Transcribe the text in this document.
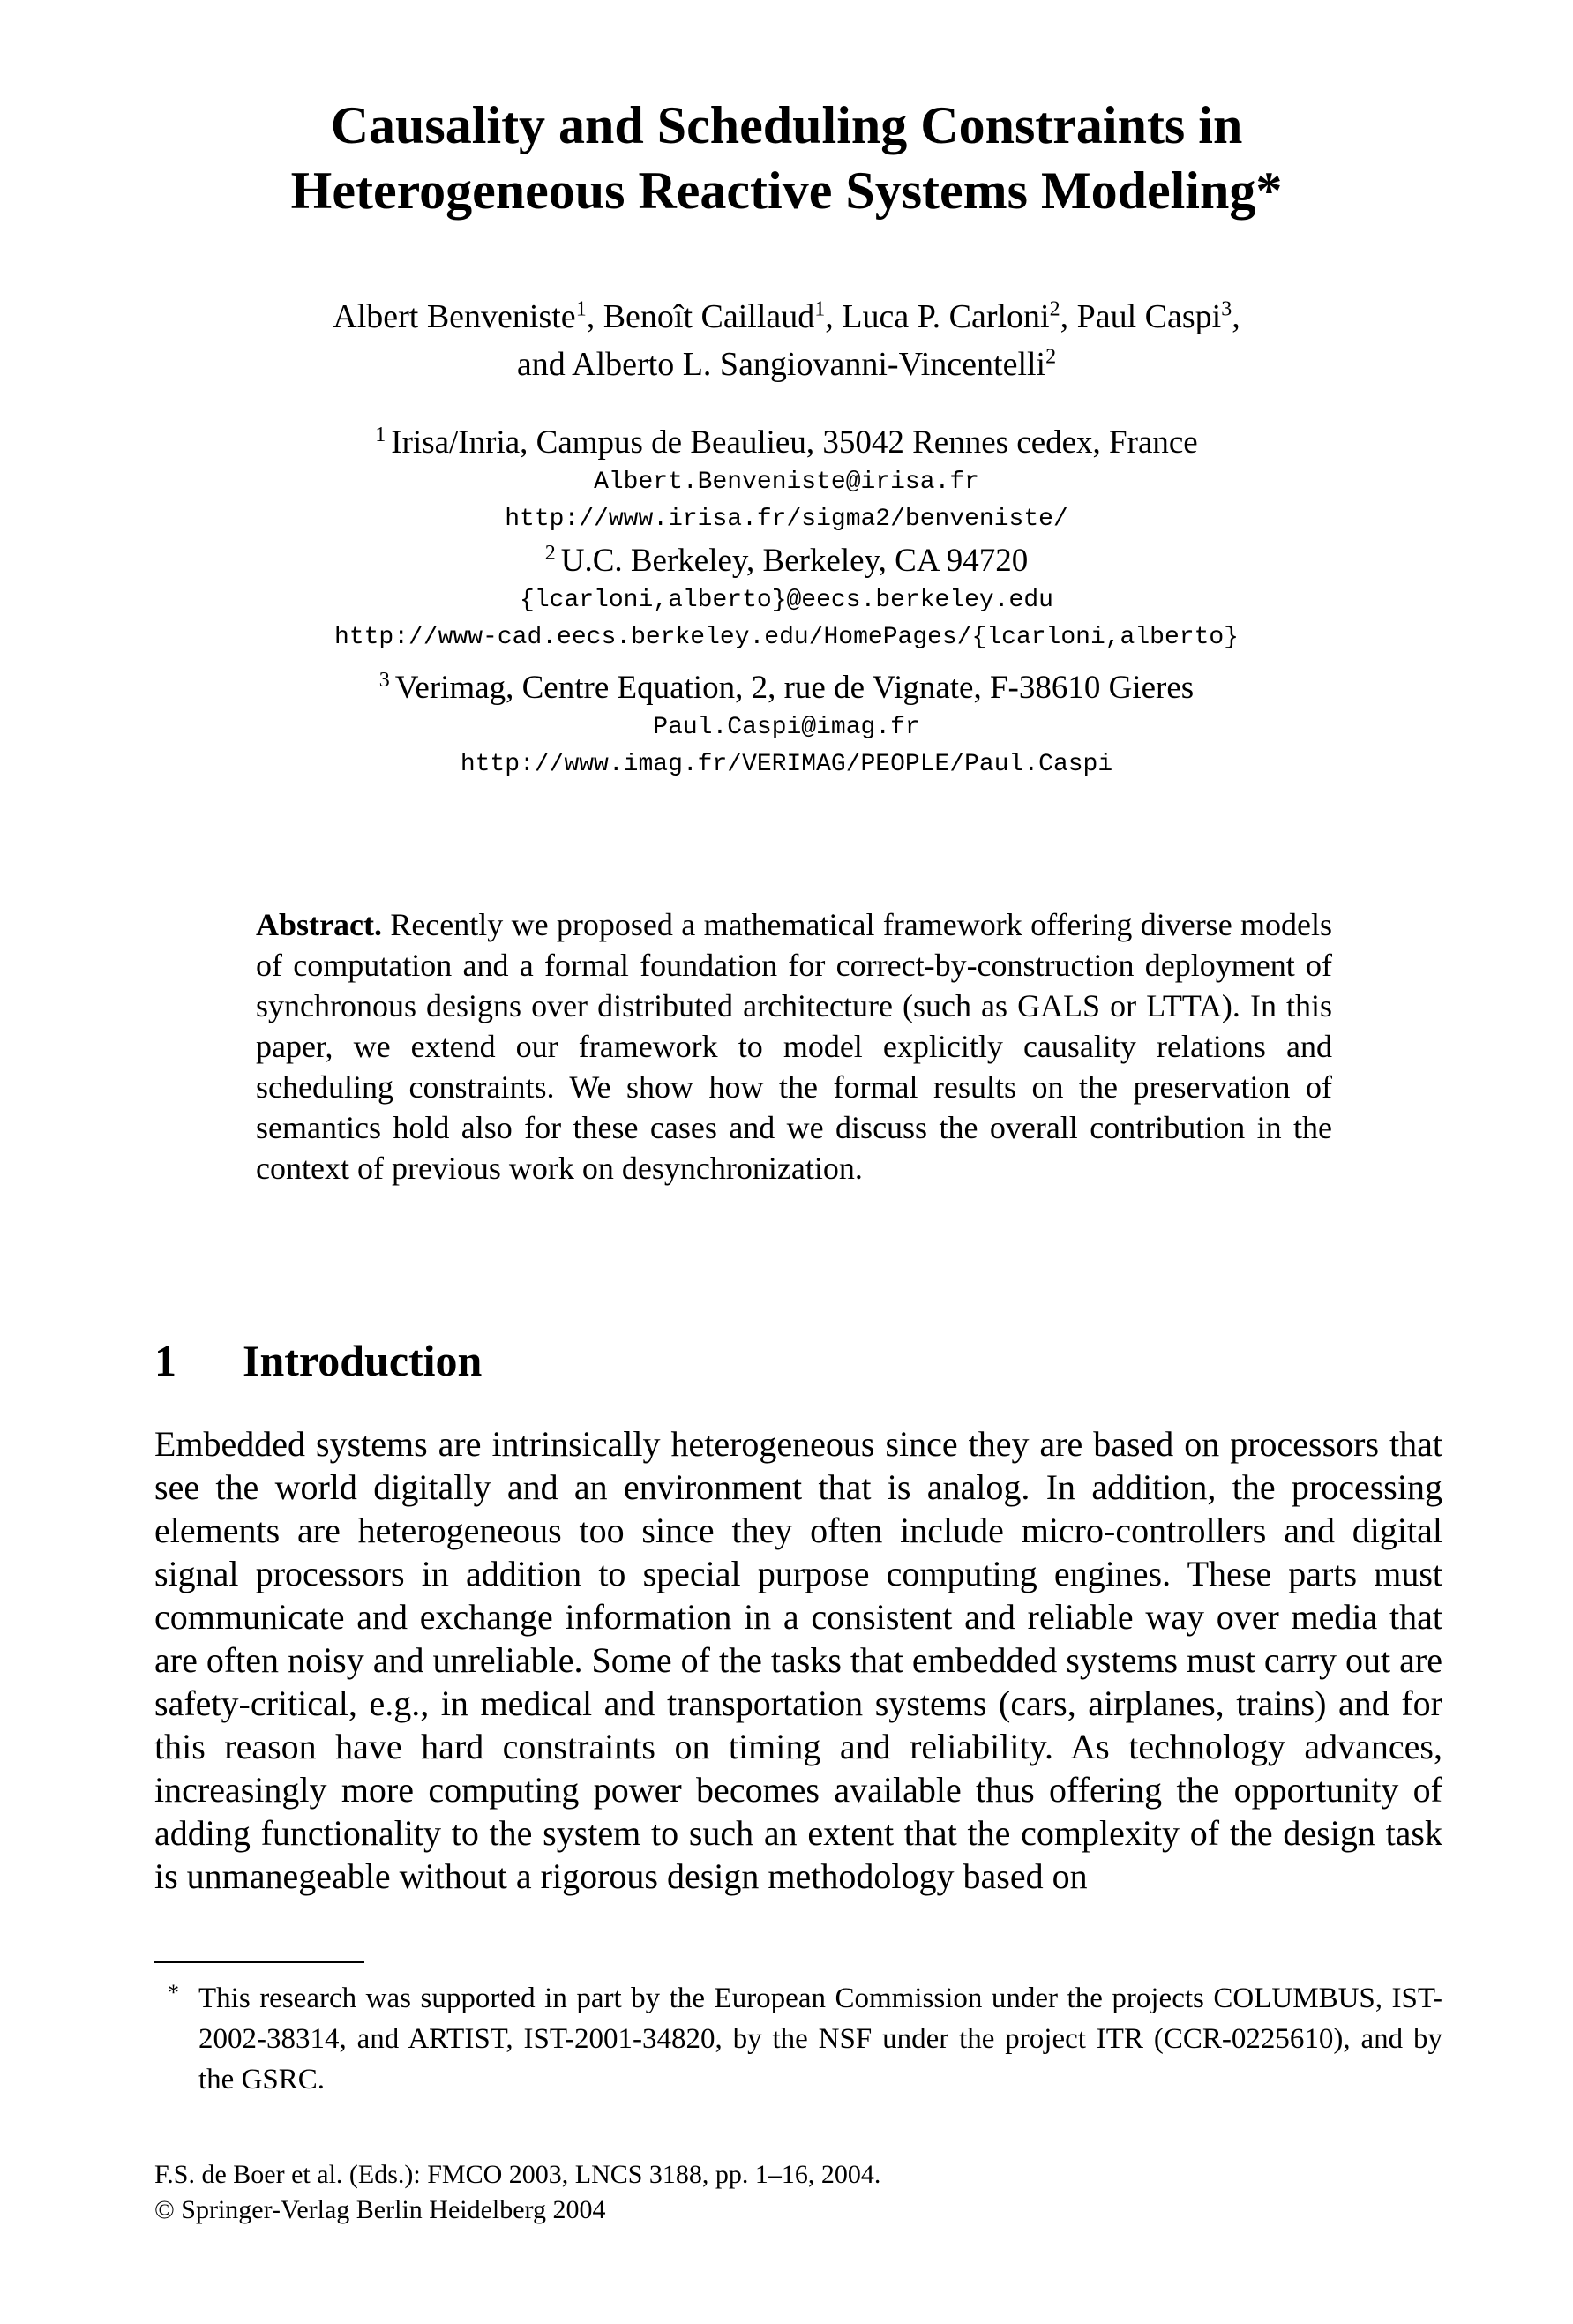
Causality and Scheduling Constraints in
Heterogeneous Reactive Systems Modeling*
Albert Benveniste$^1$, Benoît Caillaud$^1$, Luca P. Carloni$^2$, Paul Caspi$^3$,
and Alberto L. Sangiovanni-Vincentelli$^2$
$^1$ Irisa/Inria, Campus de Beaulieu, 35042 Rennes cedex, France
Albert.Benveniste@irisa.fr
http://www.irisa.fr/sigma2/benveniste/
$^2$ U.C. Berkeley, Berkeley, CA 94720
{lcarloni,alberto}@eecs.berkeley.edu
http://www-cad.eecs.berkeley.edu/HomePages/{lcarloni,alberto}
$^3$ Verimag, Centre Equation, 2, rue de Vignate, F-38610 Gieres
Paul.Caspi@imag.fr
http://www.imag.fr/VERIMAG/PEOPLE/Paul.Caspi

Abstract. Recently we proposed a mathematical framework offering diverse models of computation and a formal foundation for correct-by-construction deployment of synchronous designs over distributed architecture (such as GALS or LTTA). In this paper, we extend our framework to model explicitly causality relations and scheduling constraints. We show how the formal results on the preservation of semantics hold also for these cases and we discuss the overall contribution in the context of previous work on desynchronization.

1 Introduction

Embedded systems are intrinsically heterogeneous since they are based on processors that see the world digitally and an environment that is analog. In addition, the processing elements are heterogeneous too since they often include micro-controllers and digital signal processors in addition to special purpose computing engines. These parts must communicate and exchange information in a consistent and reliable way over media that are often noisy and unreliable. Some of the tasks that embedded systems must carry out are safety-critical, e.g., in medical and transportation systems (cars, airplanes, trains) and for this reason have hard constraints on timing and reliability. As technology advances, increasingly more computing power becomes available thus offering the opportunity of adding functionality to the system to such an extent that the complexity of the design task is unmanegeable without a rigorous design methodology based on

* This research was supported in part by the European Commission under the projects COLUMBUS, IST-2002-38314, and ARTIST, IST-2001-34820, by the NSF under the project ITR (CCR-0225610), and by the GSRC.

F.S. de Boer et al. (Eds.): FMCO 2003, LNCS 3188, pp. 1–16, 2004.
© Springer-Verlag Berlin Heidelberg 2004
